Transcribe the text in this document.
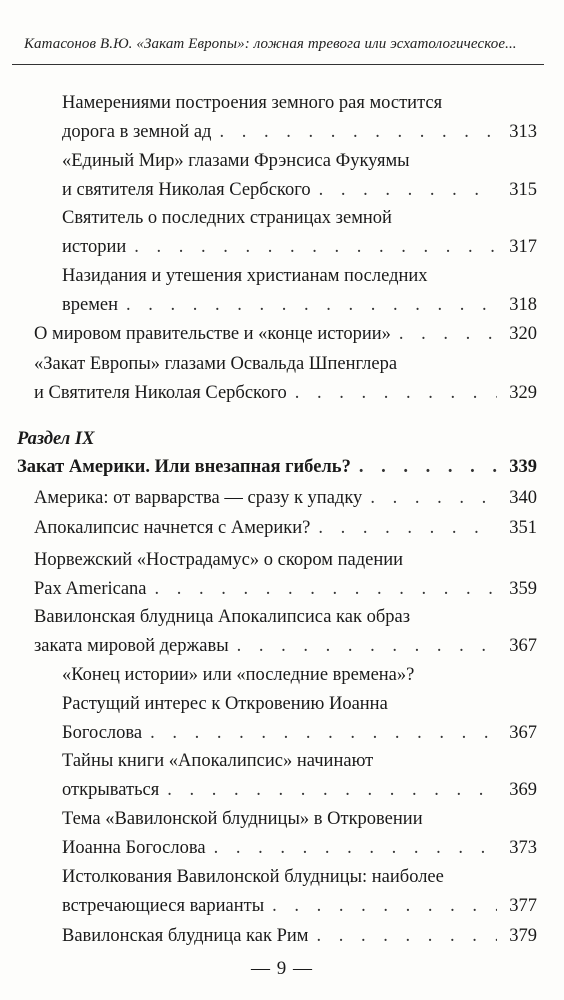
Катасонов В.Ю. «Закат Европы»: ложная тревога или эсхатологическое...
Намерениями построения земного рая мостится
дорога в земной ад . . .	313
«Единый Мир» глазами Фрэнсиса Фукуямы
и святителя Николая Сербского . . .	315
Святитель о последних страницах земной
истории . . .	317
Назидания и утешения христианам последних
времен . . .	318
О мировом правительстве и «конце истории» . . .	320
«Закат Европы» глазами Освальда Шпенглера
и Святителя Николая Сербского . . .	329
Раздел IX
Закат Америки. Или внезапная гибель? . . .	339
Америка: от варварства — сразу к упадку . . .	340
Апокалипсис начнется с Америки? . . .	351
Норвежский «Нострадамус» о скором падении
Pax Americana . . .	359
Вавилонская блудница Апокалипсиса как образ
заката мировой державы . . .	367
«Конец истории» или «последние времена»?
Растущий интерес к Откровению Иоанна
Богослова . . .	367
Тайны книги «Апокалипсис» начинают
открываться . . .	369
Тема «Вавилонской блудницы» в Откровении
Иоанна Богослова . . .	373
Истолкования Вавилонской блудницы: наиболее
встречающиеся варианты . . .	377
Вавилонская блудница как Рим . . .	379
— 9 —
